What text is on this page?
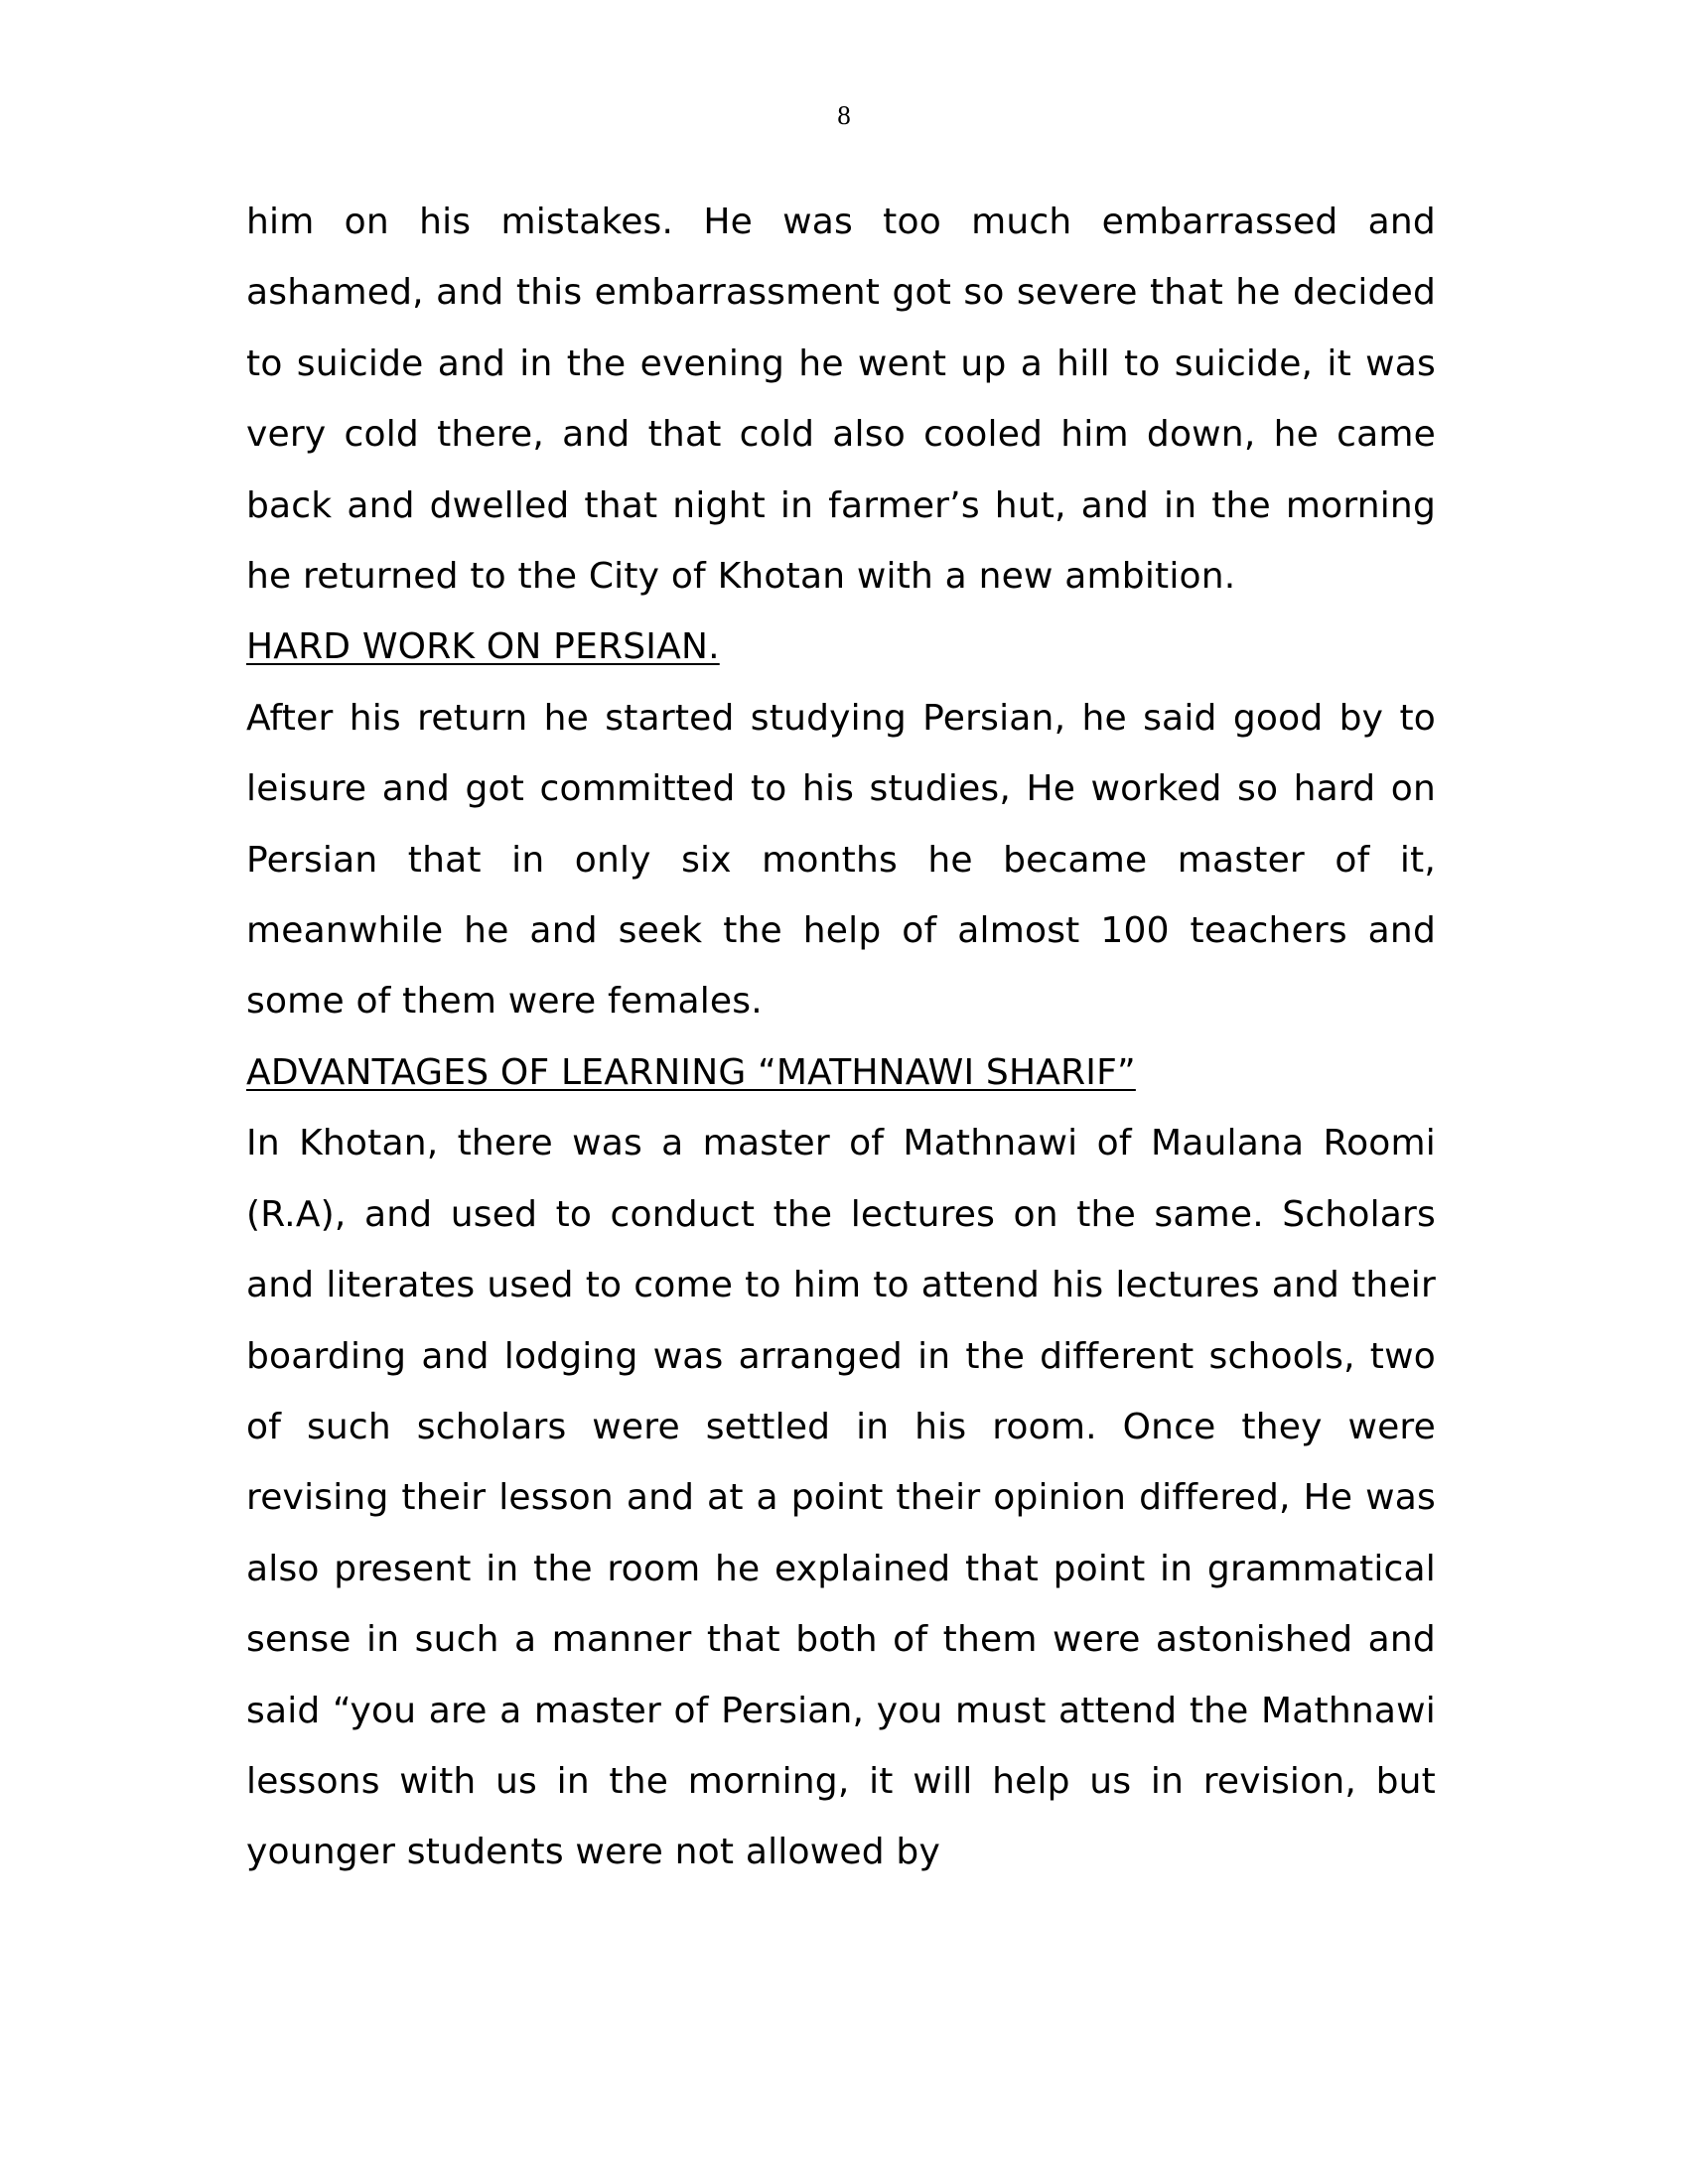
8

him on his mistakes. He was too much embarrassed and ashamed, and this embarrassment got so severe that he decided to suicide and in the evening he went up a hill to suicide, it was very cold there, and that cold also cooled him down, he came back and dwelled that night in farmer’s hut, and in the morning he returned to the City of Khotan with a new ambition.

HARD WORK ON PERSIAN.

After his return he started studying Persian, he said good by to leisure and got committed to his studies, He worked so hard on Persian that in only six months he became master of it, meanwhile he and seek the help of almost 100 teachers and some of them were females.

ADVANTAGES OF LEARNING “MATHNAWI SHARIF”

In Khotan, there was a master of Mathnawi of Maulana Roomi (R.A), and used to conduct the lectures on the same. Scholars and literates used to come to him to attend his lectures and their boarding and lodging was arranged in the different schools, two of such scholars were settled in his room. Once they were revising their lesson and at a point their opinion differed, He was also present in the room he explained that point in grammatical sense in such a manner that both of them were astonished and said “you are a master of Persian, you must attend the Mathnawi lessons with us in the morning, it will help us in revision, but younger students were not allowed by
